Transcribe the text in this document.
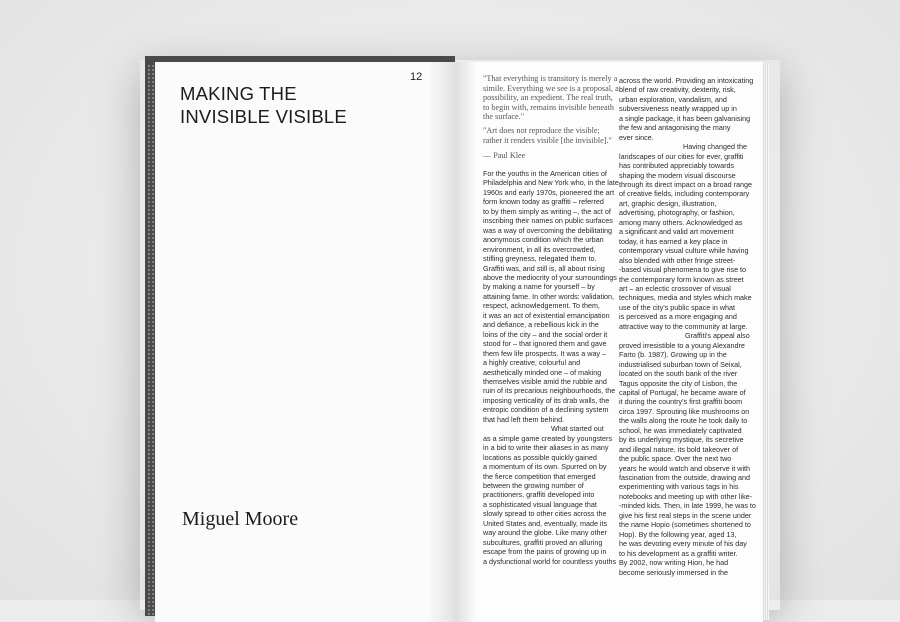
MAKING THE
INVISIBLE VISIBLE
12
Miguel Moore

"That everything is transitory is merely a simile. Everything we see is a proposal, a possibility, an expedient. The real truth, to begin with, remains invisible beneath the surface."

"Art does not reproduce the visible; rather it renders visible [the invisible]."

— Paul Klee

For the youths in the American cities of
Philadelphia and New York who, in the late
1960s and early 1970s, pioneered the art
form known today as graffiti – referred
to by them simply as writing –, the act of
inscribing their names on public surfaces
was a way of overcoming the debilitating
anonymous condition which the urban
environment, in all its overcrowded,
stifling greyness, relegated them to.
Graffiti was, and still is, all about rising
above the mediocrity of your surroundings
by making a name for yourself – by
attaining fame. In other words: validation,
respect, acknowledgement. To them,
it was an act of existential emancipation
and defiance, a rebellious kick in the
loins of the city – and the social order it
stood for – that ignored them and gave
them few life prospects. It was a way –
a highly creative, colourful and
aesthetically minded one – of making
themselves visible amid the rubble and
ruin of its precarious neighbourhoods, the
imposing verticality of its drab walls, the
entropic condition of a declining system
that had left them behind.
What started out
as a simple game created by youngsters
in a bid to write their aliases in as many
locations as possible quickly gained
a momentum of its own. Spurred on by
the fierce competition that emerged
between the growing number of
practitioners, graffiti developed into
a sophisticated visual language that
slowly spread to other cities across the
United States and, eventually, made its
way around the globe. Like many other
subcultures, graffiti proved an alluring
escape from the pains of growing up in
a dysfunctional world for countless youths
across the world. Providing an intoxicating
blend of raw creativity, dexterity, risk,
urban exploration, vandalism, and
subversiveness neatly wrapped up in
a single package, it has been galvanising
the few and antagonising the many
ever since.
Having changed the
landscapes of our cities for ever, graffiti
has contributed appreciably towards
shaping the modern visual discourse
through its direct impact on a broad range
of creative fields, including contemporary
art, graphic design, illustration,
advertising, photography, or fashion,
among many others. Acknowledged as
a significant and valid art movement
today, it has earned a key place in
contemporary visual culture while having
also blended with other fringe street-
-based visual phenomena to give rise to
the contemporary form known as street
art – an eclectic crossover of visual
techniques, media and styles which make
use of the city's public space in what
is perceived as a more engaging and
attractive way to the community at large.
Graffiti's appeal also
proved irresistible to a young Alexandre
Farto (b. 1987). Growing up in the
industrialised suburban town of Seixal,
located on the south bank of the river
Tagus opposite the city of Lisbon, the
capital of Portugal, he became aware of
it during the country's first graffiti boom
circa 1997. Sprouting like mushrooms on
the walls along the route he took daily to
school, he was immediately captivated
by its underlying mystique, its secretive
and illegal nature, its bold takeover of
the public space. Over the next two
years he would watch and observe it with
fascination from the outside, drawing and
experimenting with various tags in his
notebooks and meeting up with other like-
-minded kids. Then, in late 1999, he was to
give his first real steps in the scene under
the name Hopio (sometimes shortened to
Hop). By the following year, aged 13,
he was devoting every minute of his day
to his development as a graffiti writer.
By 2002, now writing Hion, he had
become seriously immersed in the
